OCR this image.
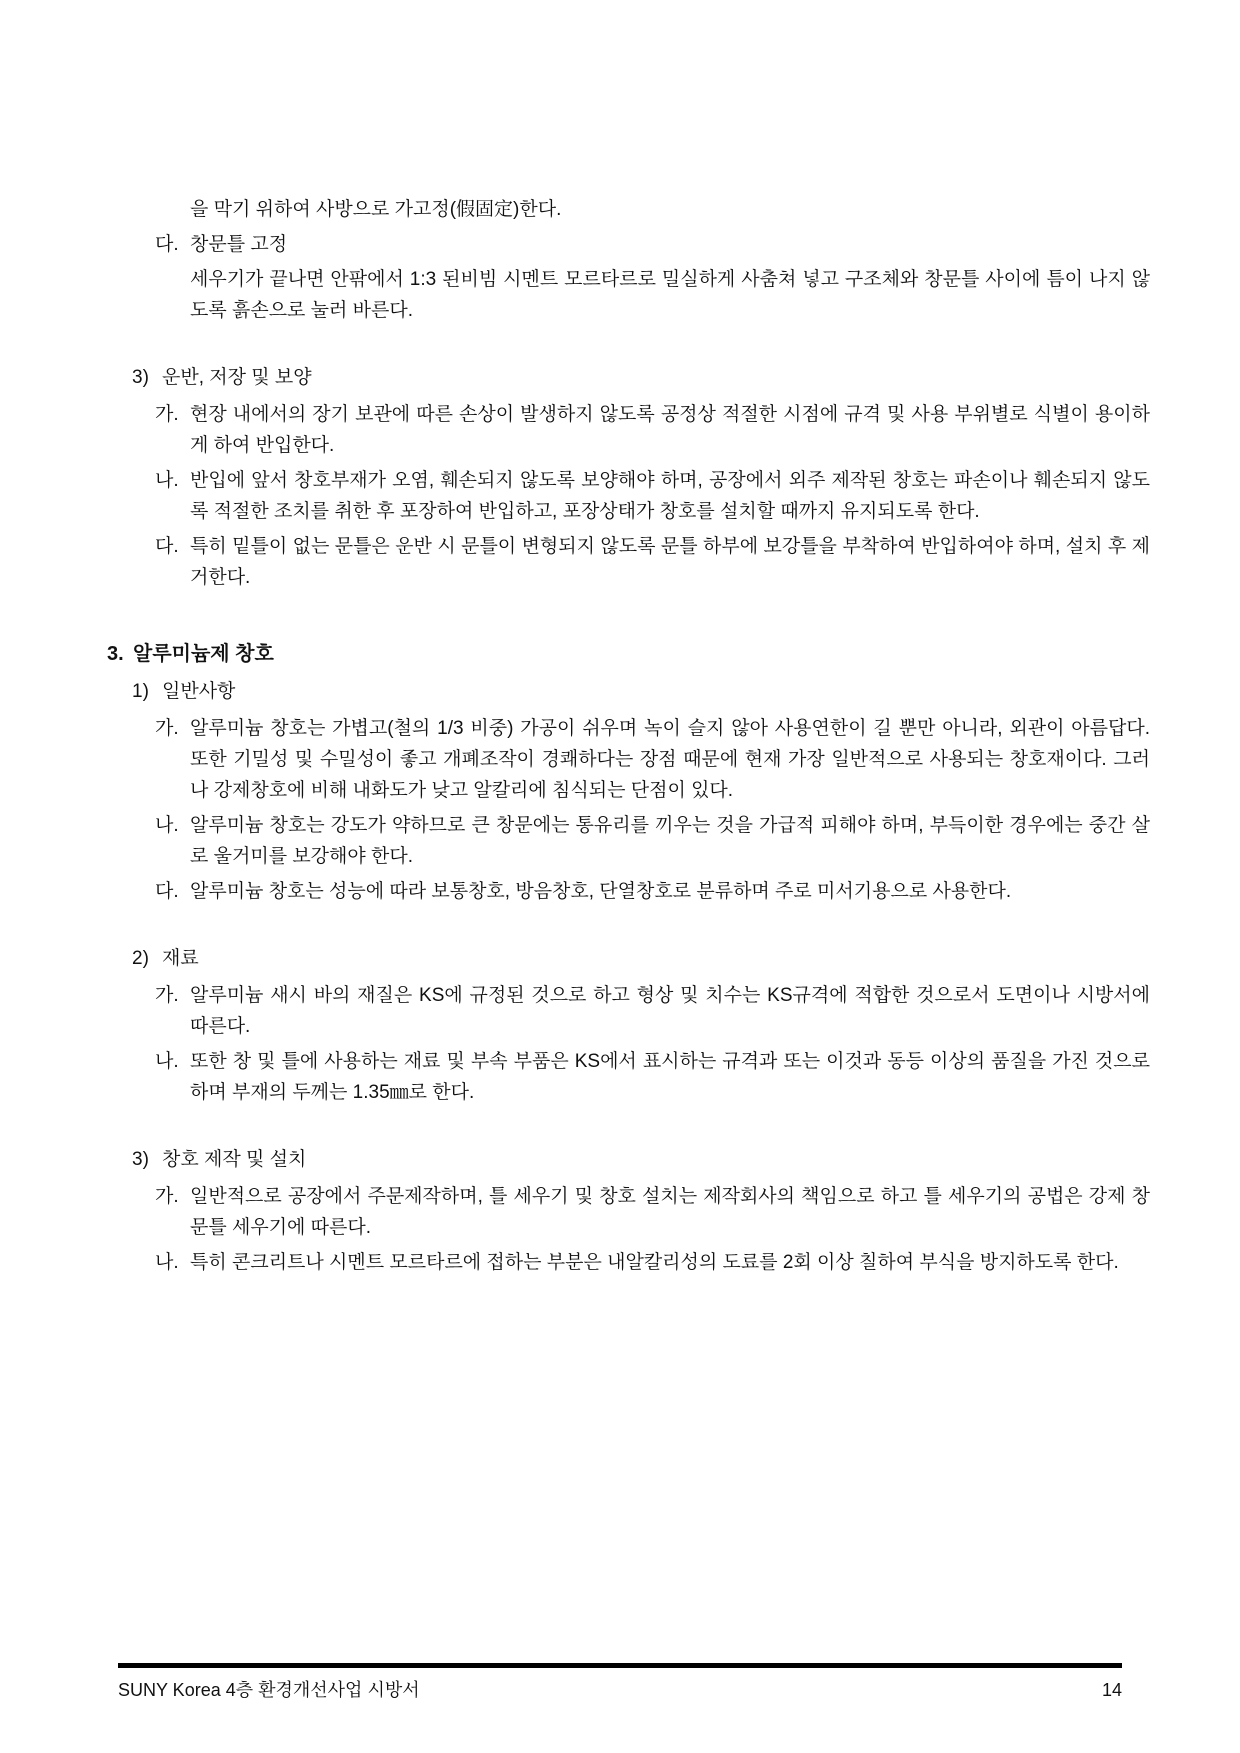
을 막기 위하여 사방으로 가고정(假固定)한다.

다. 창문틀 고정

세우기가 끝나면 안팎에서 1:3 된비빔 시멘트 모르타르로 밀실하게 사춤쳐 넣고 구조체와 창문틀 사이에 틈이 나지 않도록 흙손으로 눌러 바른다.

3) 운반, 저장 및 보양

가. 현장 내에서의 장기 보관에 따른 손상이 발생하지 않도록 공정상 적절한 시점에 규격 및 사용 부위별로 식별이 용이하게 하여 반입한다.

나. 반입에 앞서 창호부재가 오염, 훼손되지 않도록 보양해야 하며, 공장에서 외주 제작된 창호는 파손이나 훼손되지 않도록 적절한 조치를 취한 후 포장하여 반입하고, 포장상태가 창호를 설치할 때까지 유지되도록 한다.

다. 특히 밑틀이 없는 문틀은 운반 시 문틀이 변형되지 않도록 문틀 하부에 보강틀을 부착하여 반입하여야 하며, 설치 후 제거한다.

3. 알루미늄제 창호

1) 일반사항

가. 알루미늄 창호는 가볍고(철의 1/3 비중) 가공이 쉬우며 녹이 슬지 않아 사용연한이 길 뿐만 아니라, 외관이 아름답다. 또한 기밀성 및 수밀성이 좋고 개폐조작이 경쾌하다는 장점 때문에 현재 가장 일반적으로 사용되는 창호재이다. 그러나 강제창호에 비해 내화도가 낮고 알칼리에 침식되는 단점이 있다.

나. 알루미늄 창호는 강도가 약하므로 큰 창문에는 통유리를 끼우는 것을 가급적 피해야 하며, 부득이한 경우에는 중간 살로 울거미를 보강해야 한다.

다. 알루미늄 창호는 성능에 따라 보통창호, 방음창호, 단열창호로 분류하며 주로 미서기용으로 사용한다.

2) 재료

가. 알루미늄 새시 바의 재질은 KS에 규정된 것으로 하고 형상 및 치수는 KS규격에 적합한 것으로서 도면이나 시방서에 따른다.

나. 또한 창 및 틀에 사용하는 재료 및 부속 부품은 KS에서 표시하는 규격과 또는 이것과 동등 이상의 품질을 가진 것으로 하며 부재의 두께는 1.35㎜로 한다.

3) 창호 제작 및 설치

가. 일반적으로 공장에서 주문제작하며, 틀 세우기 및 창호 설치는 제작회사의 책임으로 하고 틀 세우기의 공법은 강제 창문틀 세우기에 따른다.

나. 특히 콘크리트나 시멘트 모르타르에 접하는 부분은 내알칼리성의 도료를 2회 이상 칠하여 부식을 방지하도록 한다.

SUNY Korea 4층 환경개선사업 시방서	14
